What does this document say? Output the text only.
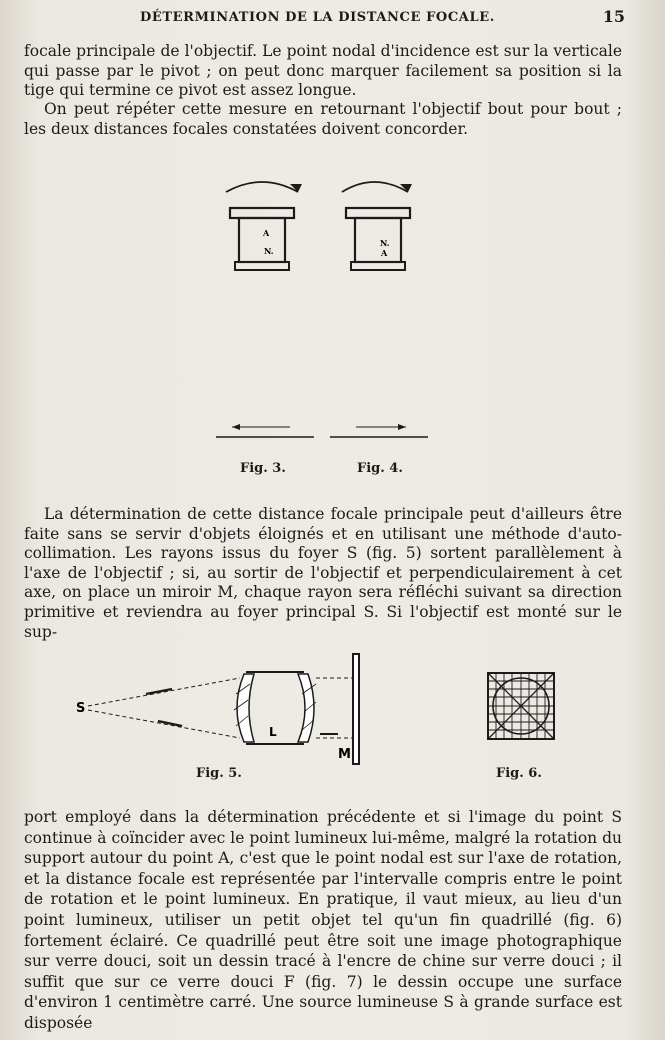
DÉTERMINATION DE LA DISTANCE FOCALE.	15

focale principale de l'objectif. Le point nodal d'incidence est sur la verticale qui passe par le pivot ; on peut donc marquer facilement sa position si la tige qui termine ce pivot est assez longue.

On peut répéter cette mesure en retournant l'objectif bout pour bout ; les deux distances focales constatées doivent concorder.

A
N.
N.
A
Fig. 3.	Fig. 4.

La détermination de cette distance focale principale peut d'ailleurs être faite sans se servir d'objets éloignés et en utilisant une méthode d'auto-collimation. Les rayons issus du foyer S (fig. 5) sortent parallèlement à l'axe de l'objectif ; si, au sortir de l'objectif et perpendiculairement à cet axe, on place un miroir M, chaque rayon sera réfléchi suivant sa direction primitive et reviendra au foyer principal S. Si l'objectif est monté sur le sup-

S
L
M
Fig. 5.	Fig. 6.

port employé dans la détermination précédente et si l'image du point S continue à coïncider avec le point lumineux lui-même, malgré la rotation du support autour du point A, c'est que le point nodal est sur l'axe de rotation, et la distance focale est représentée par l'intervalle compris entre le point de rotation et le point lumineux. En pratique, il vaut mieux, au lieu d'un point lumineux, utiliser un petit objet tel qu'un fin quadrillé (fig. 6) fortement éclairé. Ce quadrillé peut être soit une image photographique sur verre douci, soit un dessin tracé à l'encre de chine sur verre douci ; il suffit que sur ce verre douci F (fig. 7) le dessin occupe une surface d'environ 1 centimètre carré. Une source lumineuse S à grande surface est disposée
